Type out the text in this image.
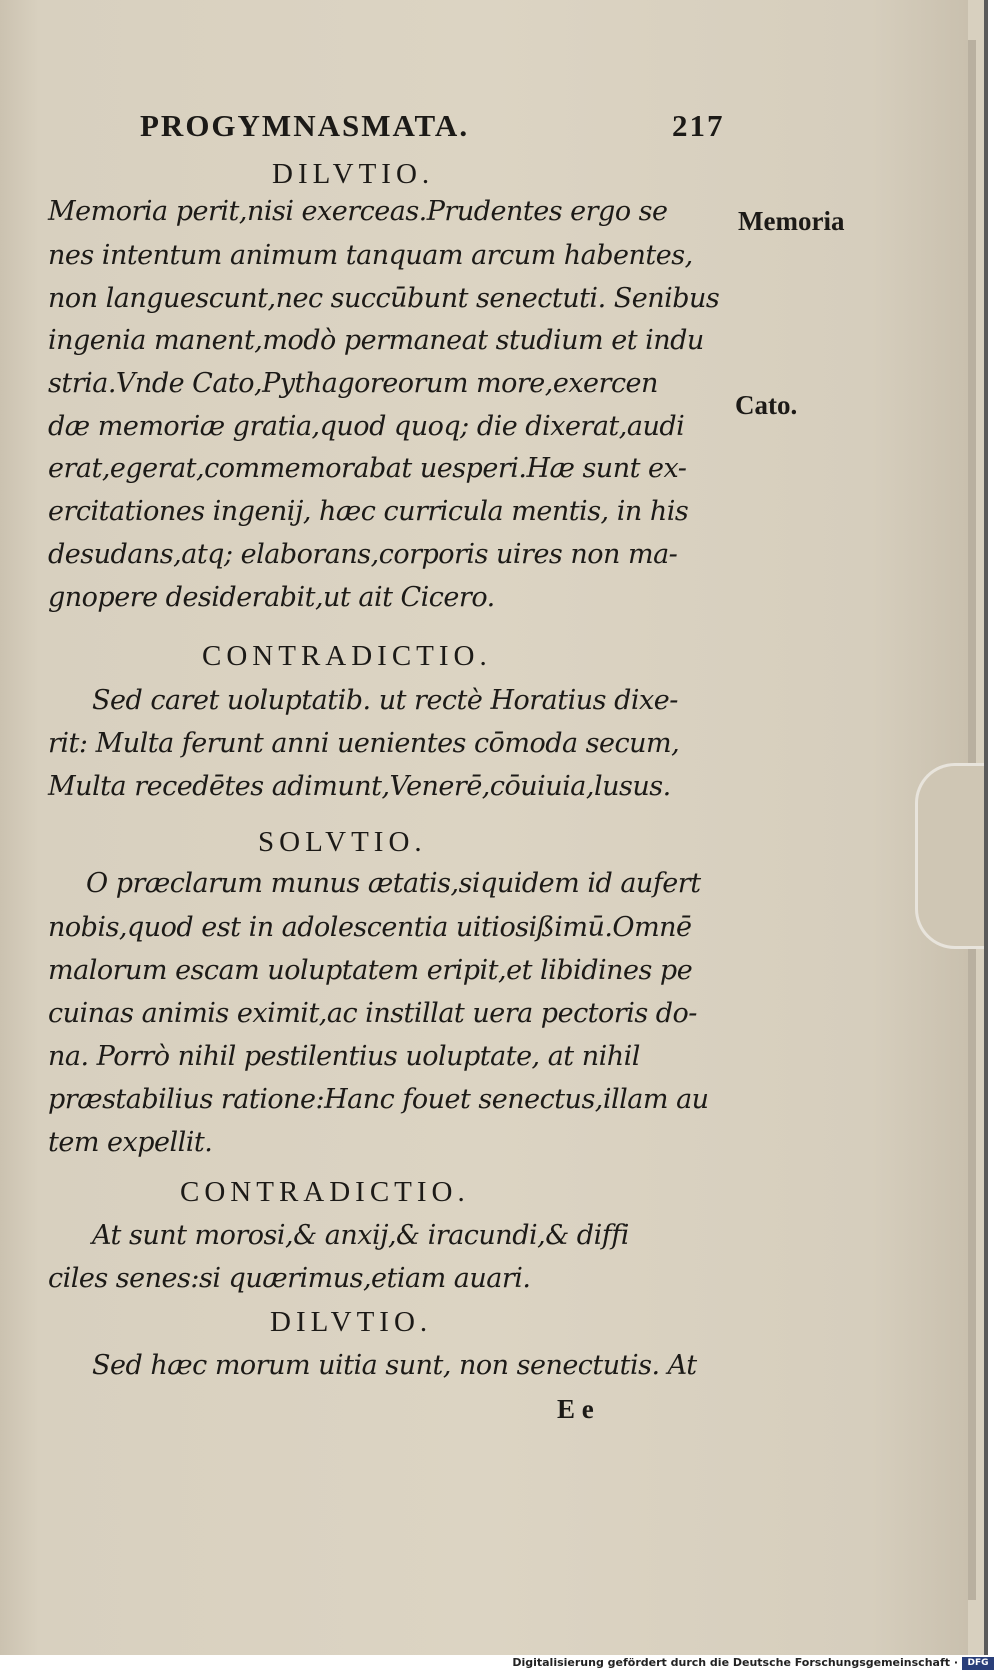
PROGYMNASMATA.	217
DILVTIO.
Memoria perit,nisi exerceas.Prudentes ergo se
nes intentum animum tanquam arcum habentes,
non languescunt,nec succūbunt senectuti. Senibus
ingenia manent,modò permaneat studium et indu
stria.Vnde Cato,Pythagoreorum more,exercen
dæ memoriæ gratia,quod quoq; die dixerat,audi
erat,egerat,commemorabat uesperi.Hæ sunt ex-
ercitationes ingenij, hæc curricula mentis, in his
desudans,atq; elaborans,corporis uires non ma-
gnopere desiderabit,ut ait Cicero.
CONTRADICTIO.
Sed caret uoluptatib. ut rectè Horatius dixe-
rit: Multa ferunt anni uenientes cōmoda secum,
Multa recedētes adimunt,Venerē,cōuiuia,lusus.
SOLVTIO.
O præclarum munus ætatis,siquidem id aufert
nobis,quod est in adolescentia uitiosißimū.Omnē
malorum escam uoluptatem eripit,et libidines pe
cuinas animis eximit,ac instillat uera pectoris do-
na. Porrò nihil pestilentius uoluptate, at nihil
præstabilius ratione:Hanc fouet senectus,illam au
tem expellit.
CONTRADICTIO.
At sunt morosi,& anxij,& iracundi,& diffi
ciles senes:si quærimus,etiam auari.
DILVTIO.
Sed hæc morum uitia sunt, non senectutis. At
E e
Memoria
Cato.
Digitalisierung gefördert durch die Deutsche Forschungsgemeinschaft ·	DFG
